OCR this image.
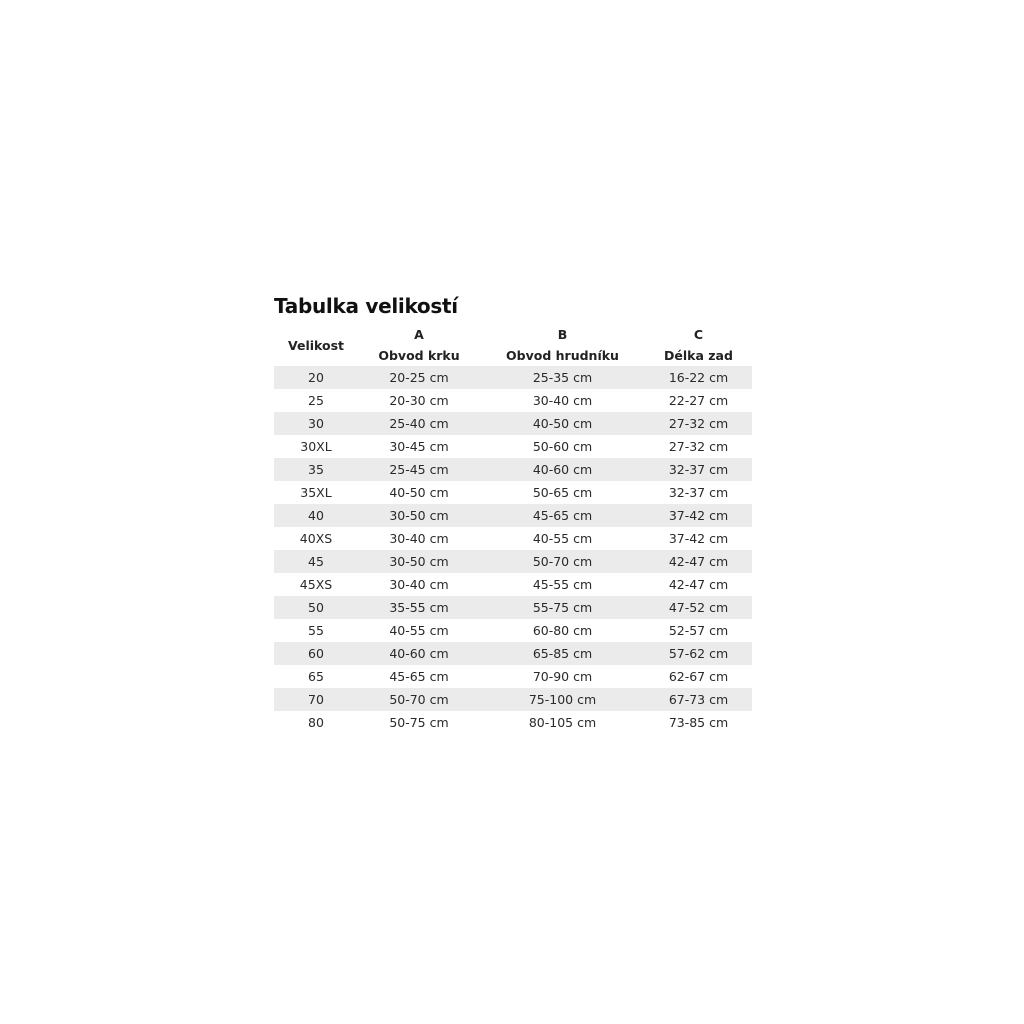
Tabulka velikostí
Velikost	A	B	C
	Obvod krku	Obvod hrudníku	Délka zad
20	20-25 cm	25-35 cm	16-22 cm
25	20-30 cm	30-40 cm	22-27 cm
30	25-40 cm	40-50 cm	27-32 cm
30XL	30-45 cm	50-60 cm	27-32 cm
35	25-45 cm	40-60 cm	32-37 cm
35XL	40-50 cm	50-65 cm	32-37 cm
40	30-50 cm	45-65 cm	37-42 cm
40XS	30-40 cm	40-55 cm	37-42 cm
45	30-50 cm	50-70 cm	42-47 cm
45XS	30-40 cm	45-55 cm	42-47 cm
50	35-55 cm	55-75 cm	47-52 cm
55	40-55 cm	60-80 cm	52-57 cm
60	40-60 cm	65-85 cm	57-62 cm
65	45-65 cm	70-90 cm	62-67 cm
70	50-70 cm	75-100 cm	67-73 cm
80	50-75 cm	80-105 cm	73-85 cm
